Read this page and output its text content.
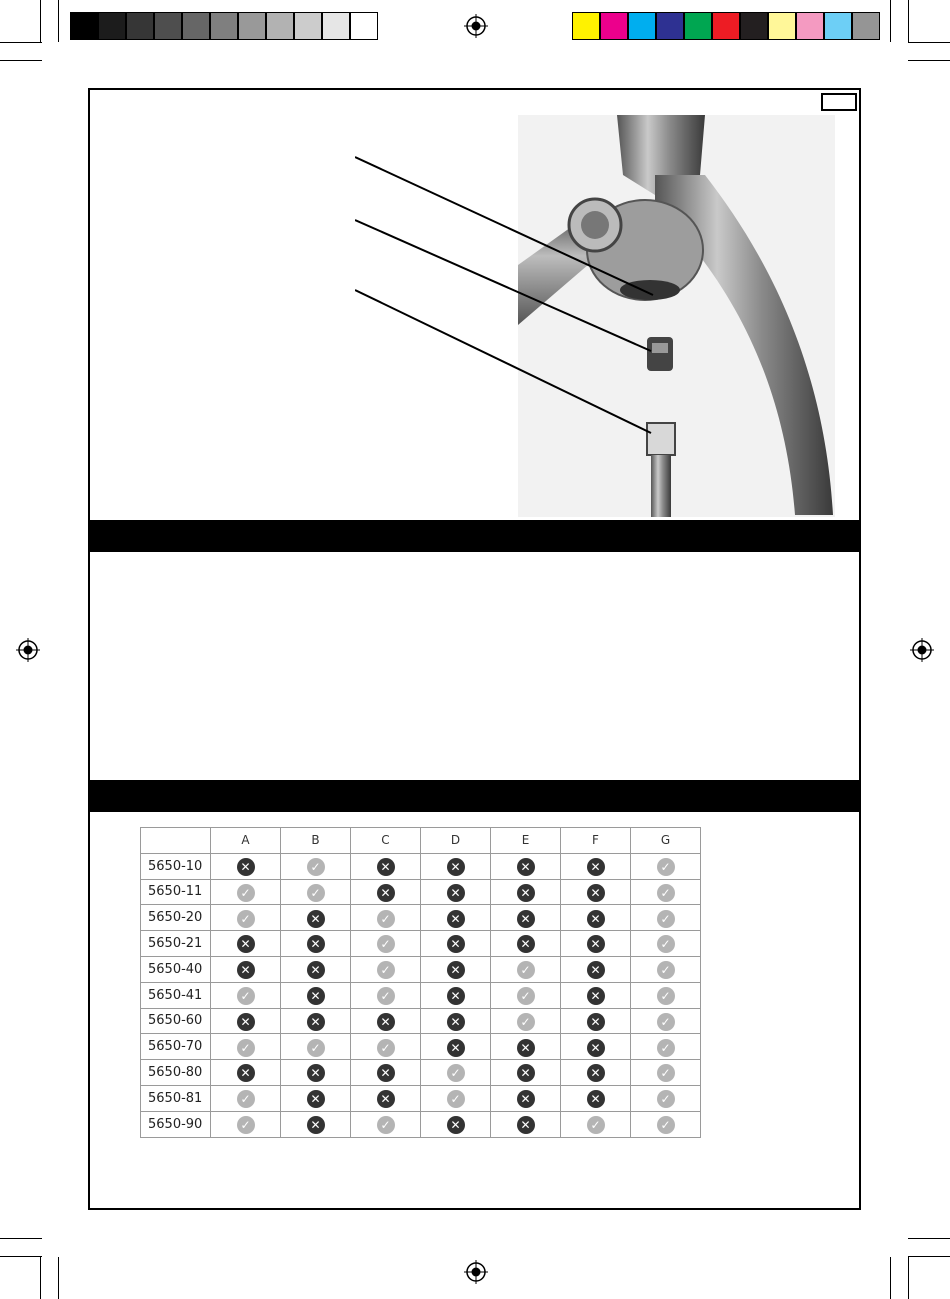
	A	B	C	D	E	F	G
5650-10	✕	✓	✕	✕	✕	✕	✓
5650-11	✓	✓	✕	✕	✕	✕	✓
5650-20	✓	✕	✓	✕	✕	✕	✓
5650-21	✕	✕	✓	✕	✕	✕	✓
5650-40	✕	✕	✓	✕	✓	✕	✓
5650-41	✓	✕	✓	✕	✓	✕	✓
5650-60	✕	✕	✕	✕	✓	✕	✓
5650-70	✓	✓	✓	✕	✕	✕	✓
5650-80	✕	✕	✕	✓	✕	✕	✓
5650-81	✓	✕	✕	✓	✕	✕	✓
5650-90	✓	✕	✓	✕	✕	✓	✓
